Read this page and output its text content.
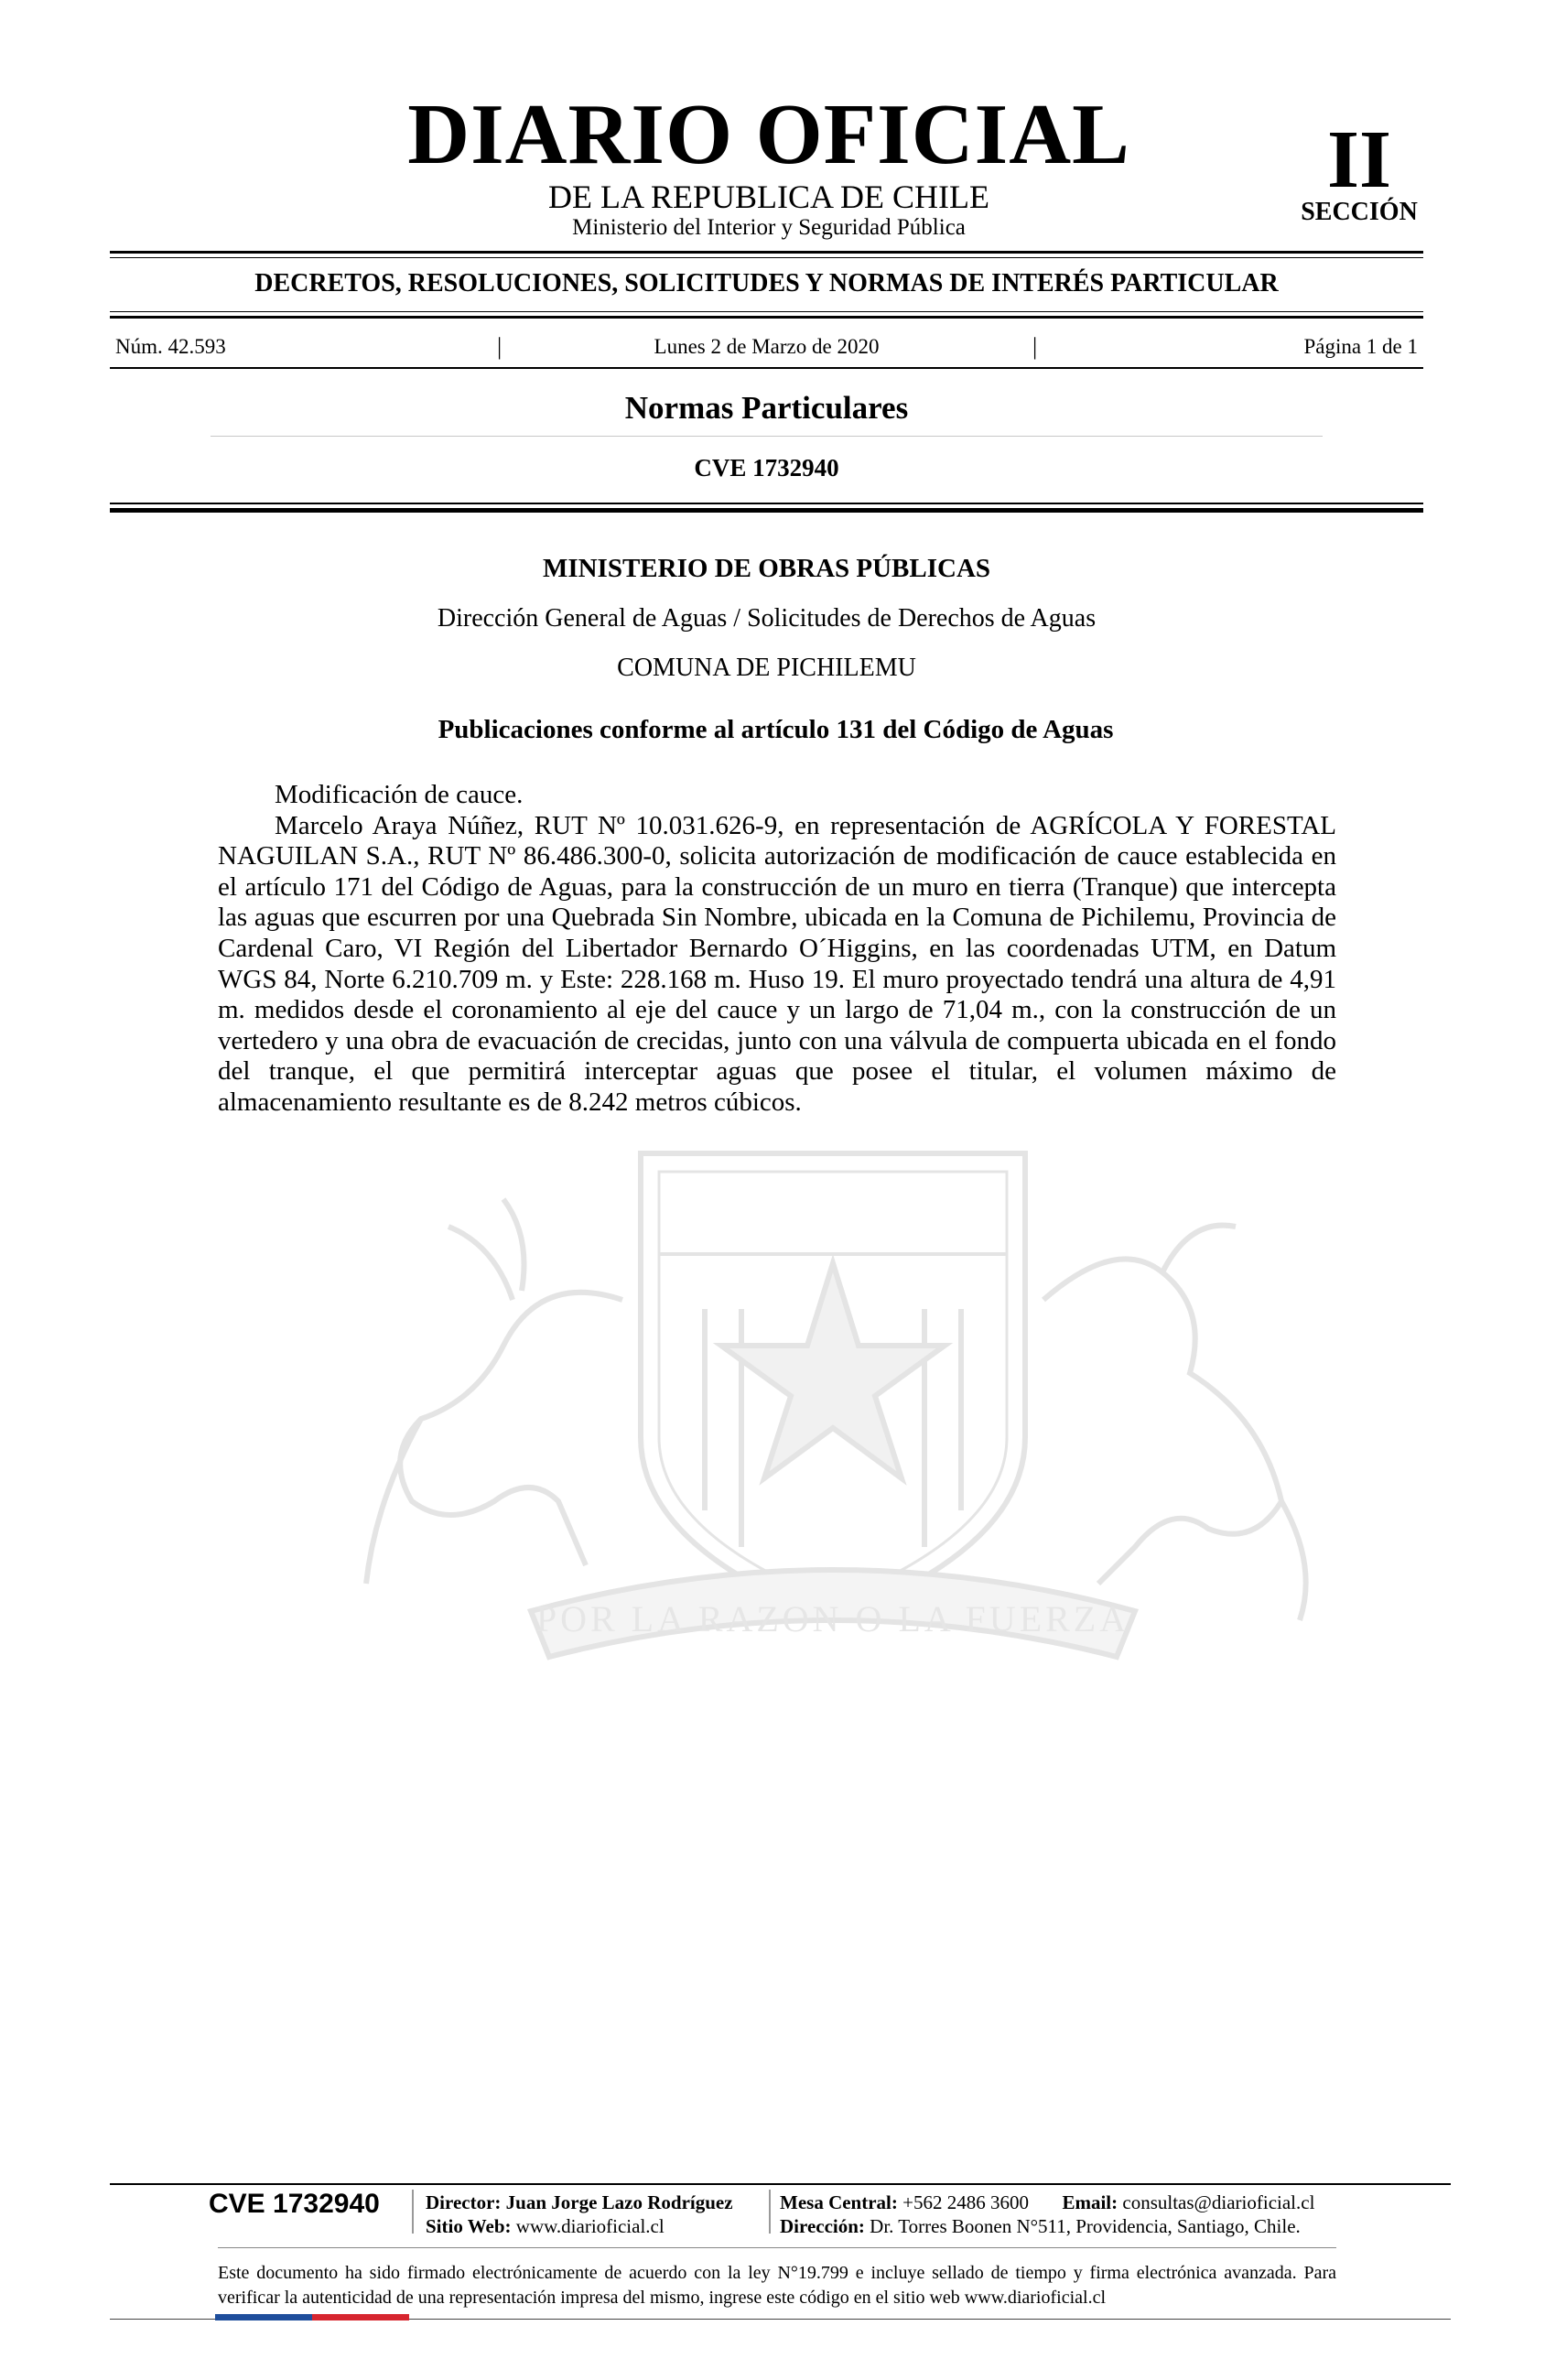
POR LA RAZON O LA FUERZA
DIARIO OFICIAL
DE LA REPUBLICA DE CHILE
Ministerio del Interior y Seguridad Pública
II
SECCIÓN
DECRETOS, RESOLUCIONES, SOLICITUDES Y NORMAS DE INTERÉS PARTICULAR
Núm. 42.593	|	Lunes 2 de Marzo de 2020	|	Página 1 de 1
Normas Particulares
CVE 1732940
MINISTERIO DE OBRAS PÚBLICAS
Dirección General de Aguas / Solicitudes de Derechos de Aguas
COMUNA DE PICHILEMU
Publicaciones conforme al artículo 131 del Código de Aguas

Modificación de cauce.

Marcelo Araya Núñez, RUT Nº 10.031.626-9, en representación de AGRÍCOLA Y FORESTAL NAGUILAN S.A., RUT Nº 86.486.300-0, solicita autorización de modificación de cauce establecida en el artículo 171 del Código de Aguas, para la construcción de un muro en tierra (Tranque) que intercepta las aguas que escurren por una Quebrada Sin Nombre, ubicada en la Comuna de Pichilemu, Provincia de Cardenal Caro, VI Región del Libertador Bernardo O´Higgins, en las coordenadas UTM, en Datum WGS 84, Norte 6.210.709 m. y Este: 228.168 m. Huso 19. El muro proyectado tendrá una altura de 4,91 m. medidos desde el coronamiento al eje del cauce y un largo de 71,04 m., con la construcción de un vertedero y una obra de evacuación de crecidas, junto con una válvula de compuerta ubicada en el fondo del tranque, el que permitirá interceptar aguas que posee el titular, el volumen máximo de almacenamiento resultante es de 8.242 metros cúbicos.

CVE 1732940	Director: Juan Jorge Lazo Rodríguez
Sitio Web: www.diarioficial.cl
Mesa Central: +562 2486 3600 Email: consultas@diarioficial.cl
Dirección: Dr. Torres Boonen N°511, Providencia, Santiago, Chile.
Este documento ha sido firmado electrónicamente de acuerdo con la ley N°19.799 e incluye sellado de tiempo y firma electrónica avanzada. Para verificar la autenticidad de una representación impresa del mismo, ingrese este código en el sitio web www.diarioficial.cl
